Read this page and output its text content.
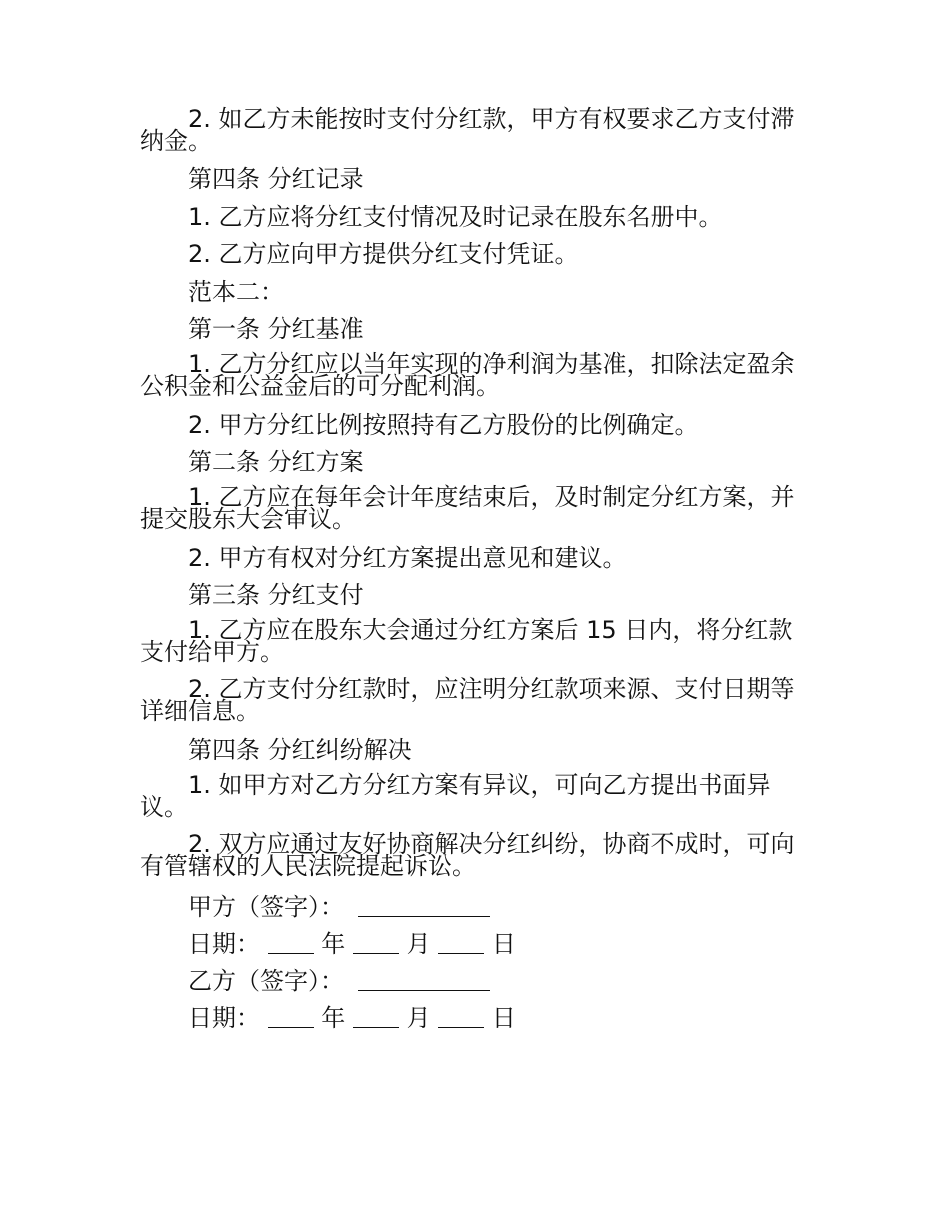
2. 如乙方未能按时支付分红款，甲方有权要求乙方支付滞
纳金。
第四条 分红记录
1. 乙方应将分红支付情况及时记录在股东名册中。
2. 乙方应向甲方提供分红支付凭证。
范本二：
第一条 分红基准
1. 乙方分红应以当年实现的净利润为基准，扣除法定盈余
公积金和公益金后的可分配利润。
2. 甲方分红比例按照持有乙方股份的比例确定。
第二条 分红方案
1. 乙方应在每年会计年度结束后，及时制定分红方案，并
提交股东大会审议。
2. 甲方有权对分红方案提出意见和建议。
第三条 分红支付
1. 乙方应在股东大会通过分红方案后 15 日内，将分红款
支付给甲方。
2. 乙方支付分红款时，应注明分红款项来源、支付日期等
详细信息。
第四条 分红纠纷解决
1. 如甲方对乙方分红方案有异议，可向乙方提出书面异
议。
2. 双方应通过友好协商解决分红纠纷，协商不成时，可向
有管辖权的人民法院提起诉讼。
甲方（签字）：
日期：	年	月	日
乙方（签字）：
日期：	年	月	日
